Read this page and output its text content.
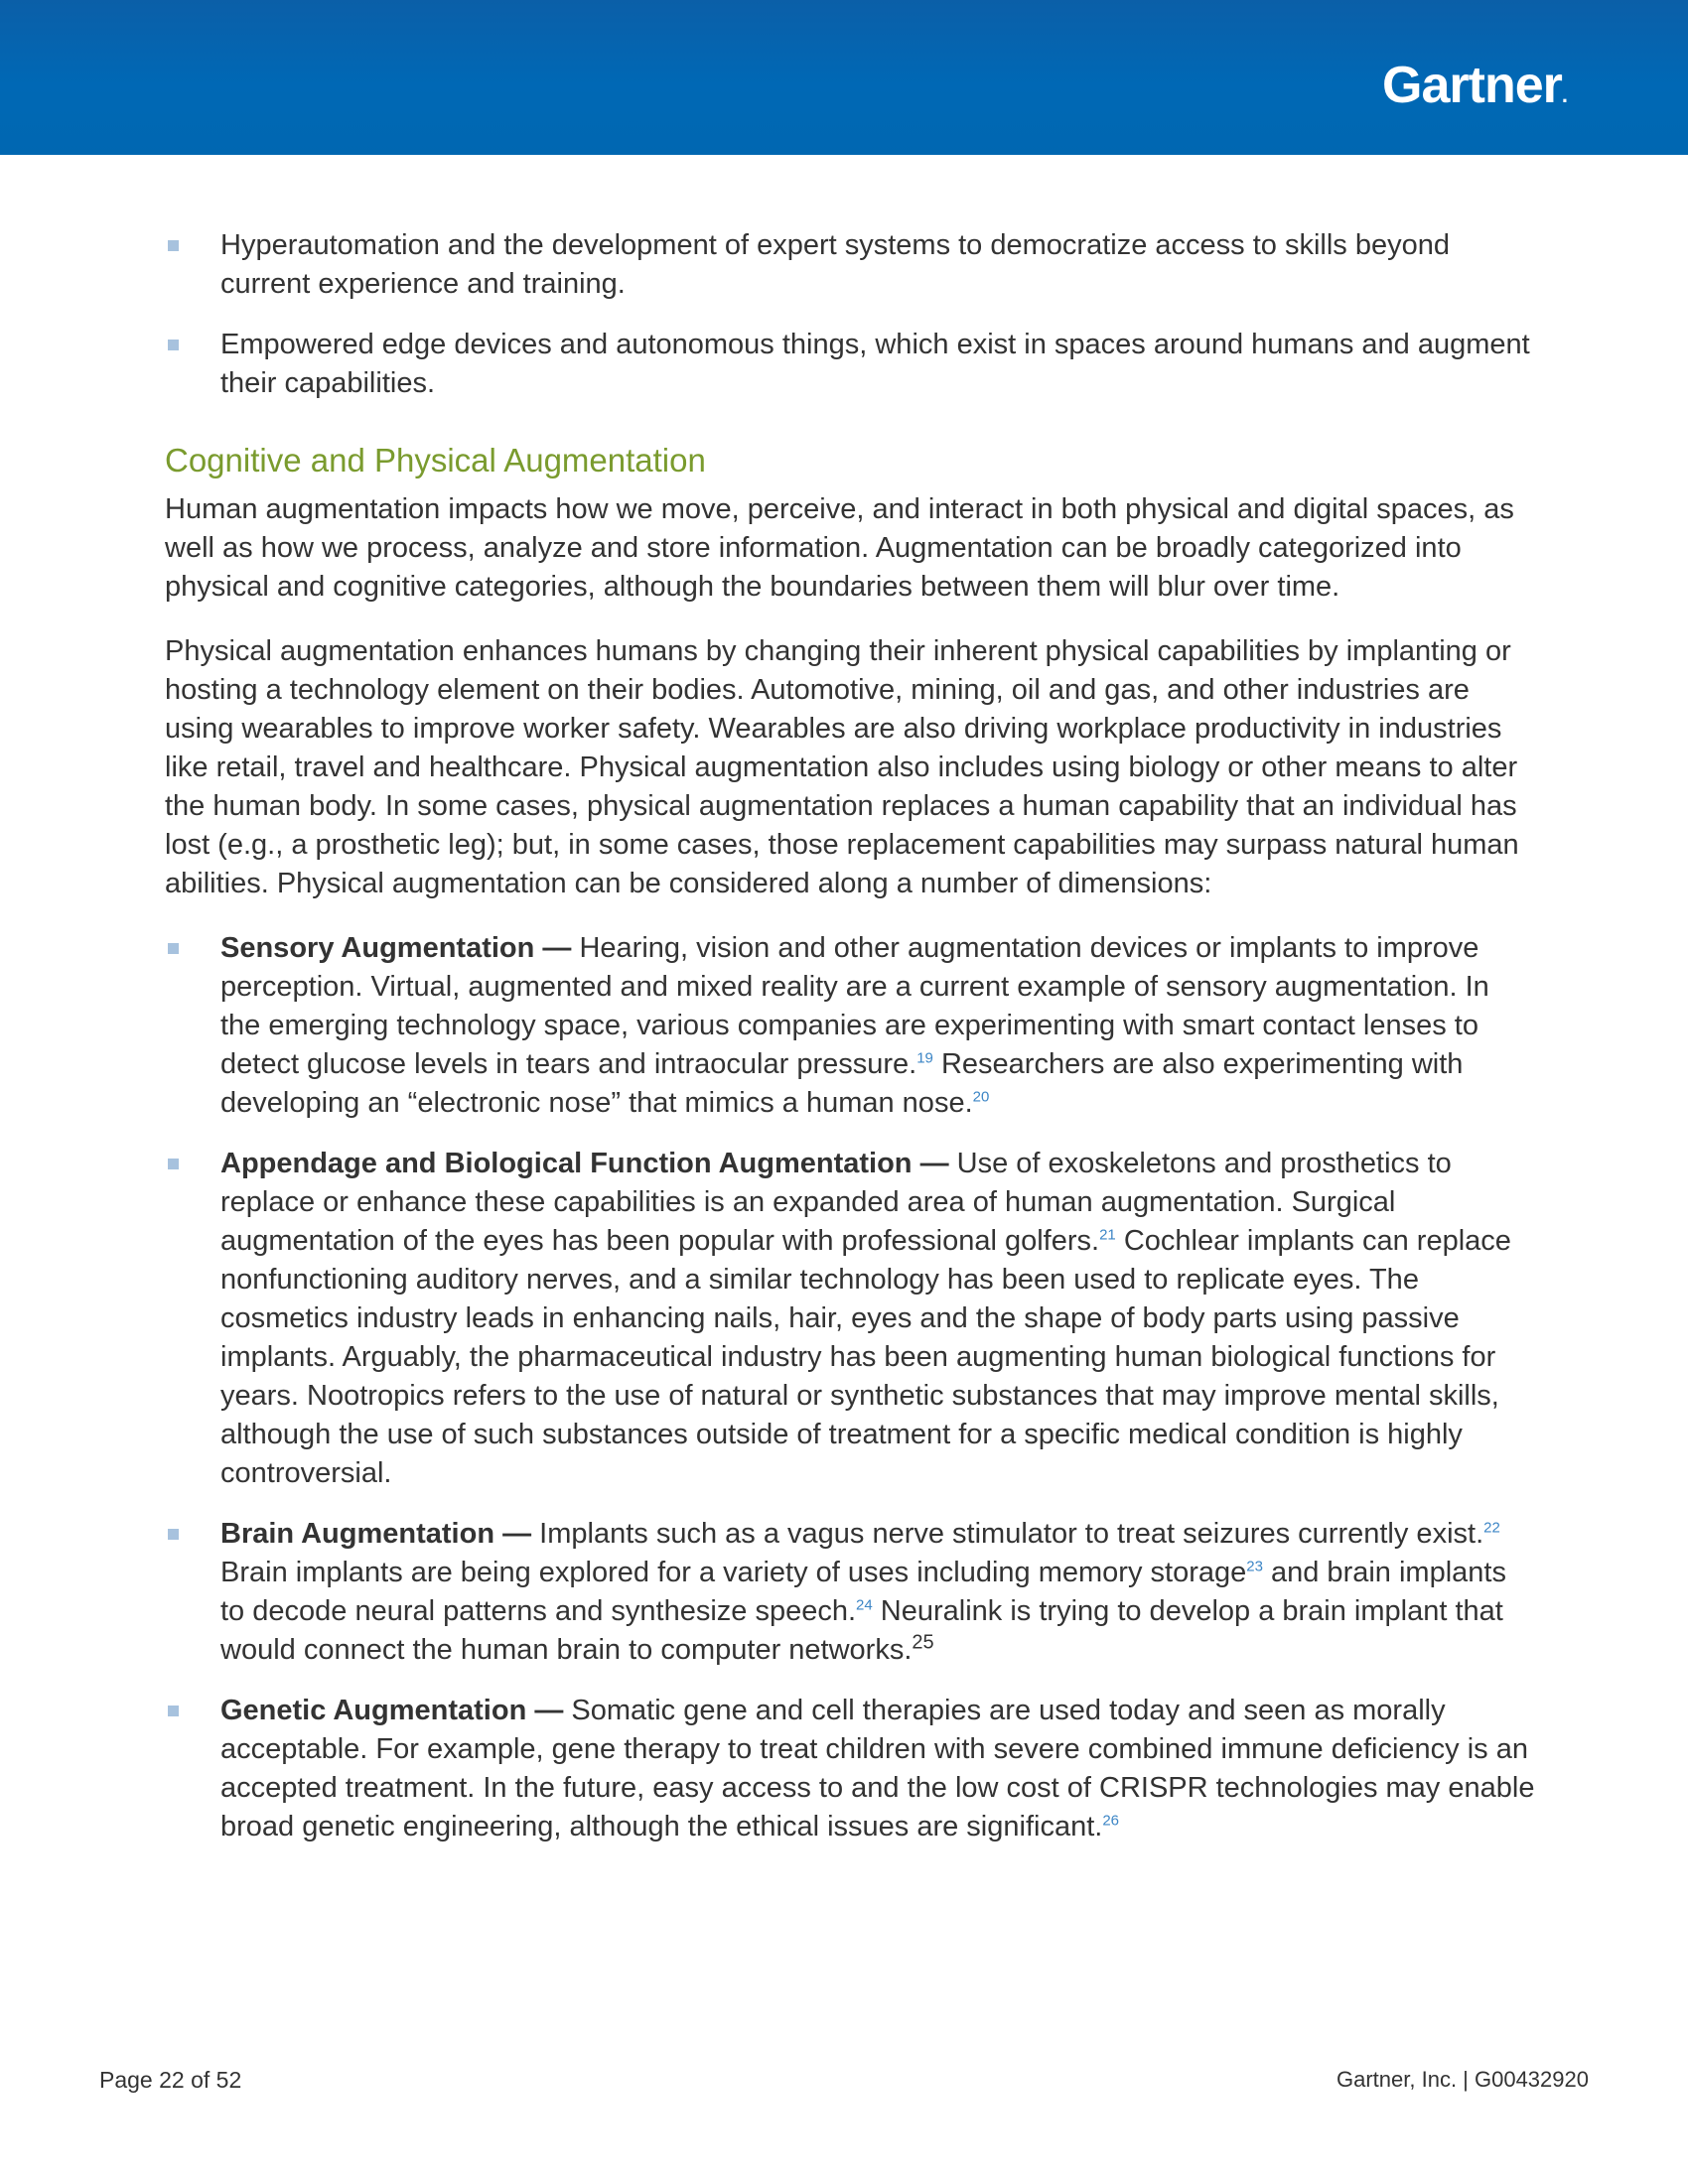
Gartner.
Hyperautomation and the development of expert systems to democratize access to skills beyond current experience and training.
Empowered edge devices and autonomous things, which exist in spaces around humans and augment their capabilities.
Cognitive and Physical Augmentation

Human augmentation impacts how we move, perceive, and interact in both physical and digital spaces, as well as how we process, analyze and store information. Augmentation can be broadly categorized into physical and cognitive categories, although the boundaries between them will blur over time.

Physical augmentation enhances humans by changing their inherent physical capabilities by implanting or hosting a technology element on their bodies. Automotive, mining, oil and gas, and other industries are using wearables to improve worker safety. Wearables are also driving workplace productivity in industries like retail, travel and healthcare. Physical augmentation also includes using biology or other means to alter the human body. In some cases, physical augmentation replaces a human capability that an individual has lost (e.g., a prosthetic leg); but, in some cases, those replacement capabilities may surpass natural human abilities. Physical augmentation can be considered along a number of dimensions:

Sensory Augmentation — Hearing, vision and other augmentation devices or implants to improve perception. Virtual, augmented and mixed reality are a current example of sensory augmentation. In the emerging technology space, various companies are experimenting with smart contact lenses to detect glucose levels in tears and intraocular pressure.$^{19}$ Researchers are also experimenting with developing an “electronic nose” that mimics a human nose.$^{20}$
Appendage and Biological Function Augmentation — Use of exoskeletons and prosthetics to replace or enhance these capabilities is an expanded area of human augmentation. Surgical augmentation of the eyes has been popular with professional golfers.$^{21}$ Cochlear implants can replace nonfunctioning auditory nerves, and a similar technology has been used to replicate eyes. The cosmetics industry leads in enhancing nails, hair, eyes and the shape of body parts using passive implants. Arguably, the pharmaceutical industry has been augmenting human biological functions for years. Nootropics refers to the use of natural or synthetic substances that may improve mental skills, although the use of such substances outside of treatment for a specific medical condition is highly controversial.
Brain Augmentation — Implants such as a vagus nerve stimulator to treat seizures currently exist.$^{22}$ Brain implants are being explored for a variety of uses including memory storage$^{23}$ and brain implants to decode neural patterns and synthesize speech.$^{24}$ Neuralink is trying to develop a brain implant that would connect the human brain to computer networks.$^{25}$
Genetic Augmentation — Somatic gene and cell therapies are used today and seen as morally acceptable. For example, gene therapy to treat children with severe combined immune deficiency is an accepted treatment. In the future, easy access to and the low cost of CRISPR technologies may enable broad genetic engineering, although the ethical issues are significant.$^{26}$
Page 22 of 52	Gartner, Inc. | G00432920
